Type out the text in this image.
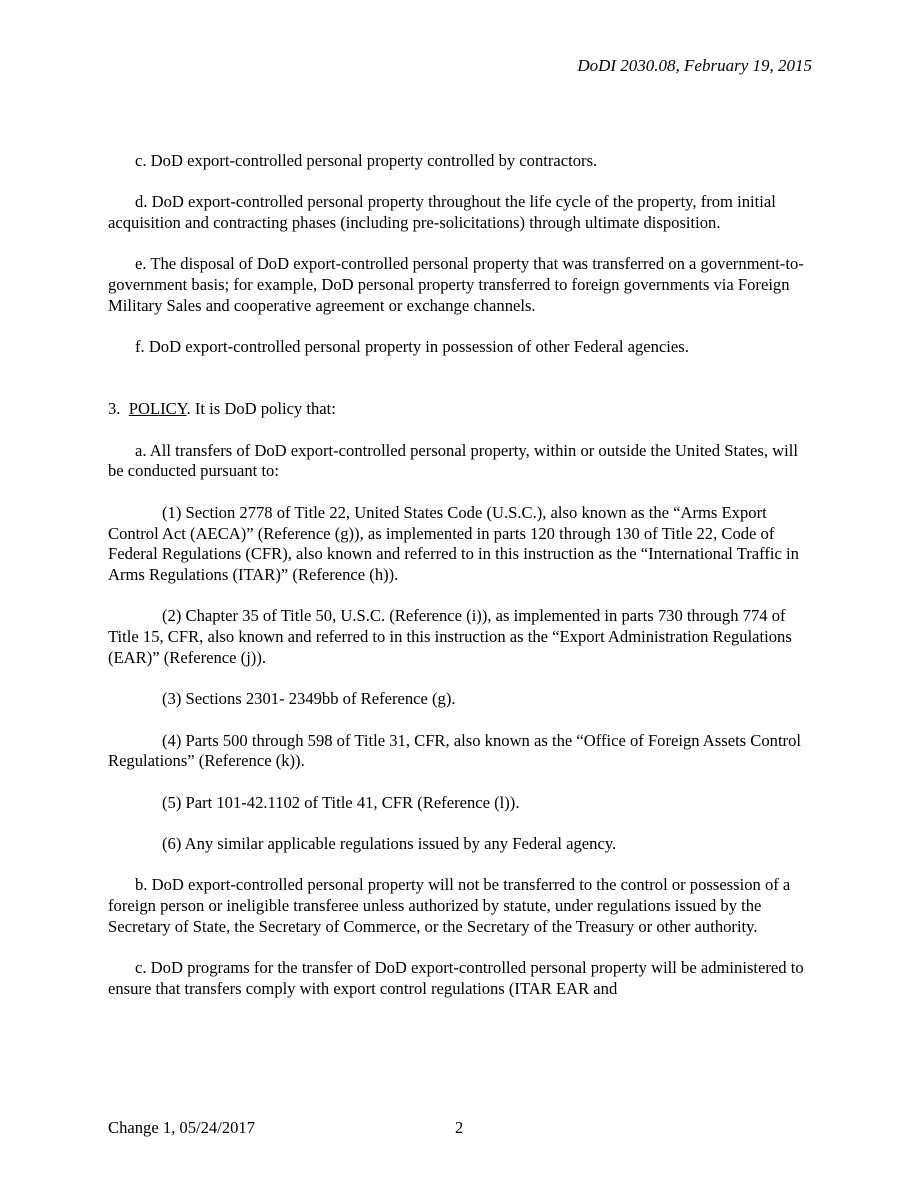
DoDI 2030.08, February 19, 2015

c. DoD export-controlled personal property controlled by contractors.

d. DoD export-controlled personal property throughout the life cycle of the property, from initial acquisition and contracting phases (including pre-solicitations) through ultimate disposition.

e. The disposal of DoD export-controlled personal property that was transferred on a government-to-government basis; for example, DoD personal property transferred to foreign governments via Foreign Military Sales and cooperative agreement or exchange channels.

f. DoD export-controlled personal property in possession of other Federal agencies.

3. POLICY. It is DoD policy that:

a. All transfers of DoD export-controlled personal property, within or outside the United States, will be conducted pursuant to:

(1) Section 2778 of Title 22, United States Code (U.S.C.), also known as the “Arms Export Control Act (AECA)” (Reference (g)), as implemented in parts 120 through 130 of Title 22, Code of Federal Regulations (CFR), also known and referred to in this instruction as the “International Traffic in Arms Regulations (ITAR)” (Reference (h)).

(2) Chapter 35 of Title 50, U.S.C. (Reference (i)), as implemented in parts 730 through 774 of Title 15, CFR, also known and referred to in this instruction as the “Export Administration Regulations (EAR)” (Reference (j)).

(3) Sections 2301- 2349bb of Reference (g).

(4) Parts 500 through 598 of Title 31, CFR, also known as the “Office of Foreign Assets Control Regulations” (Reference (k)).

(5) Part 101-42.1102 of Title 41, CFR (Reference (l)).

(6) Any similar applicable regulations issued by any Federal agency.

b. DoD export-controlled personal property will not be transferred to the control or possession of a foreign person or ineligible transferee unless authorized by statute, under regulations issued by the Secretary of State, the Secretary of Commerce, or the Secretary of the Treasury or other authority.

c. DoD programs for the transfer of DoD export-controlled personal property will be administered to ensure that transfers comply with export control regulations (ITAR EAR and

Change 1, 05/24/2017	2
